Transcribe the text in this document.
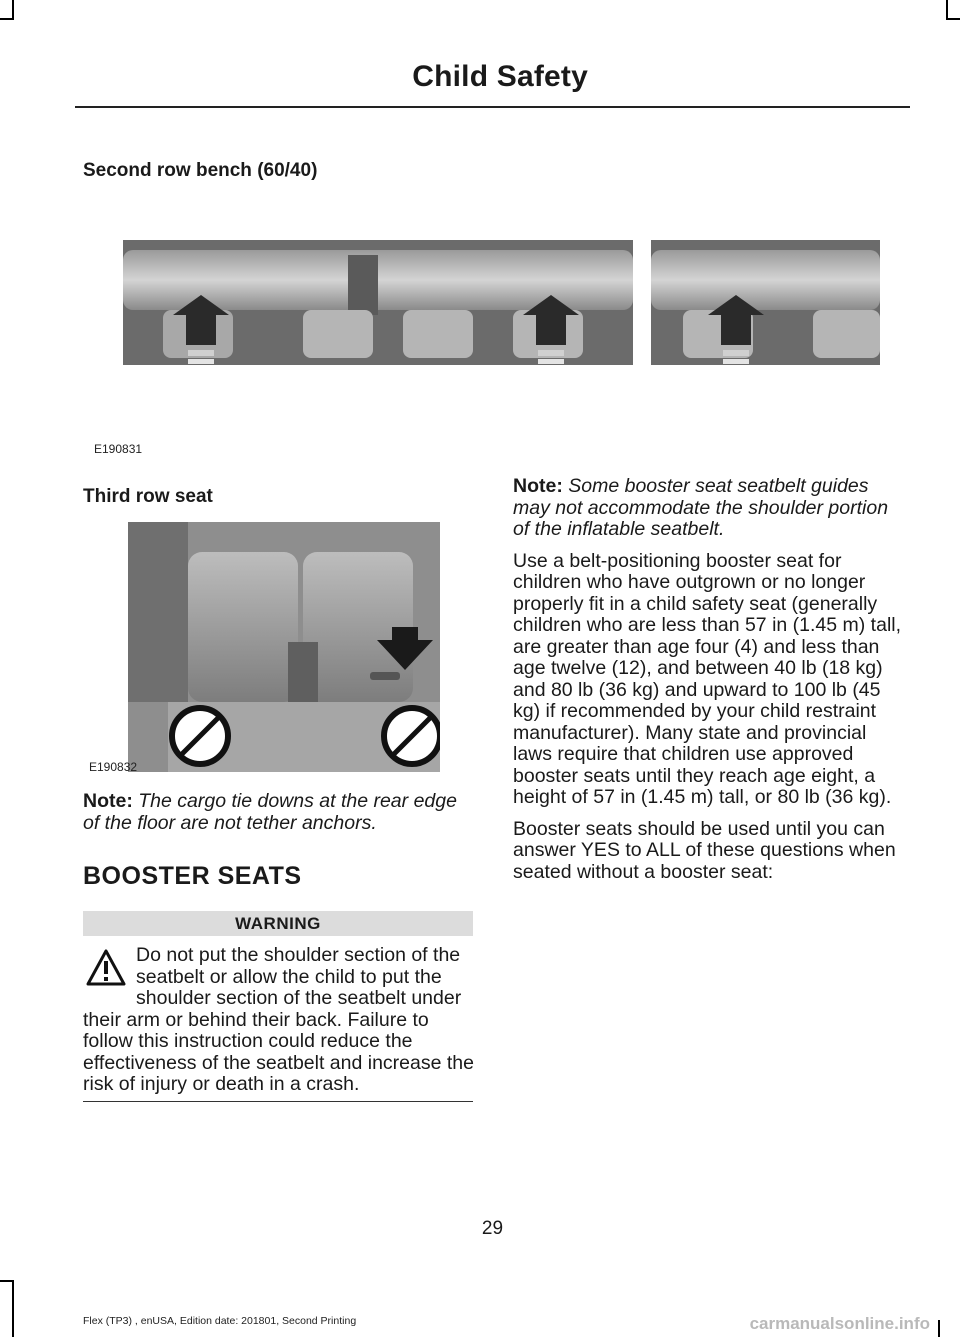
Child Safety
Second row bench (60/40)
E190831
Third row seat
E190832

Note: The cargo tie downs at the rear edge of the floor are not tether anchors.

BOOSTER SEATS
WARNING
Do not put the shoulder section of the seatbelt or allow the child to put the shoulder section of the seatbelt under their arm or behind their back. Failure to follow this instruction could reduce the effectiveness of the seatbelt and increase the risk of injury or death in a crash.

Note: Some booster seat seatbelt guides may not accommodate the shoulder portion of the inflatable seatbelt.

Use a belt-positioning booster seat for children who have outgrown or no longer properly fit in a child safety seat (generally children who are less than 57 in (1.45 m) tall, are greater than age four (4) and less than age twelve (12), and between 40 lb (18 kg) and 80 lb (36 kg) and upward to 100 lb (45 kg) if recommended by your child restraint manufacturer). Many state and provincial laws require that children use approved booster seats until they reach age eight, a height of 57 in (1.45 m) tall, or 80 lb (36 kg).

Booster seats should be used until you can answer YES to ALL of these questions when seated without a booster seat:

29
Flex (TP3) , enUSA, Edition date: 201801, Second Printing	carmanualsonline.info
